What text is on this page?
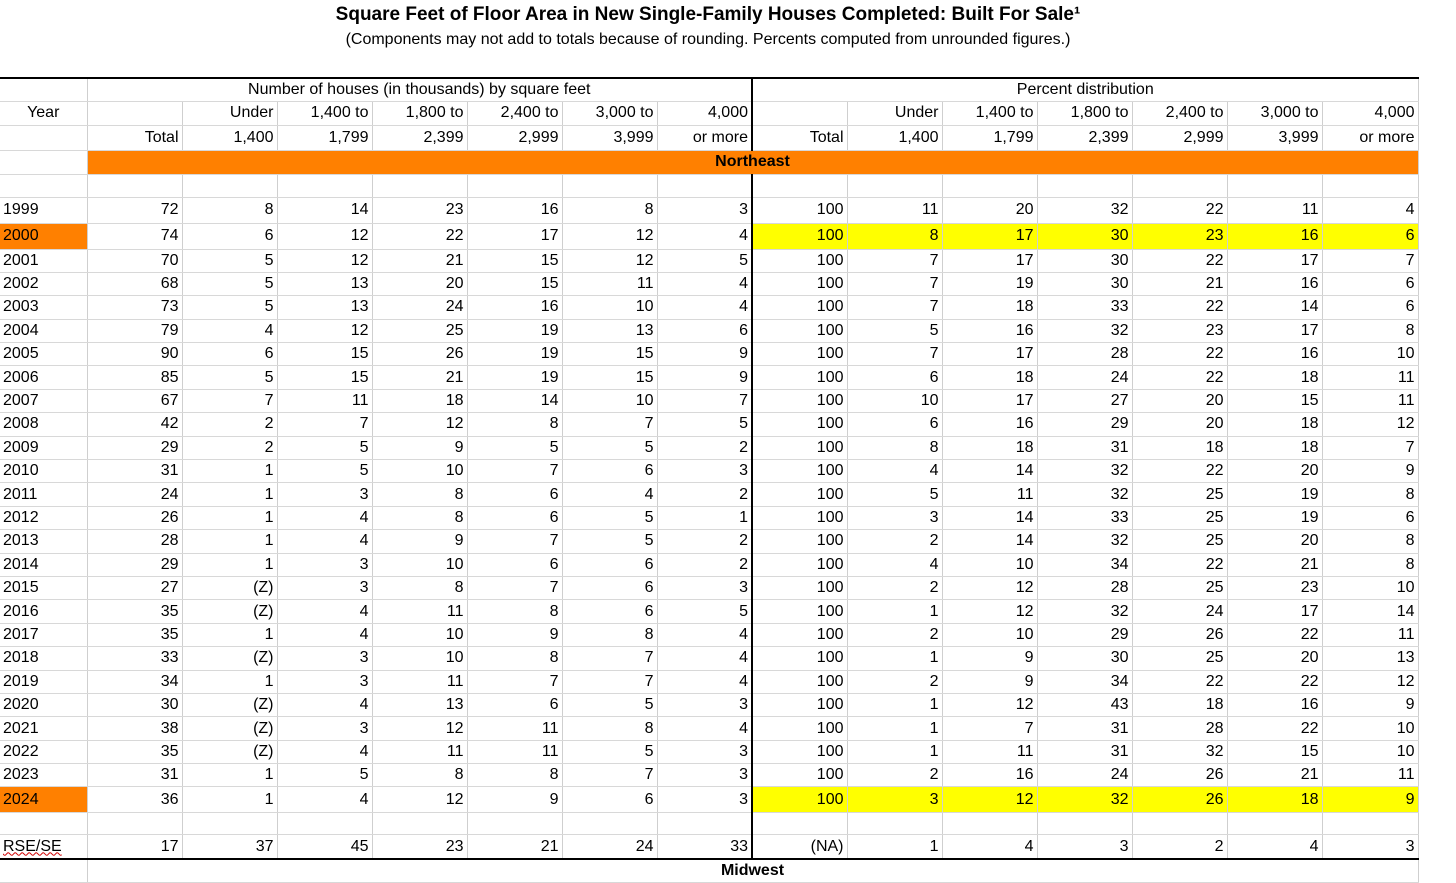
Square Feet of Floor Area in New Single-Family Houses Completed: Built For Sale¹
(Components may not add to totals because of rounding. Percents computed from unrounded figures.)
	Number of houses (in thousands) by square feet							Percent distribution						
Year		Under	1,400 to	1,800 to	2,400 to	3,000 to	4,000		Under	1,400 to	1,800 to	2,400 to	3,000 to	4,000
	Total	1,400	1,799	2,399	2,999	3,999	or more	Total	1,400	1,799	2,399	2,999	3,999	or more
	Northeast													

1999	72	8	14	23	16	8	3	100	11	20	32	22	11	4
2000	74	6	12	22	17	12	4	100	8	17	30	23	16	6
2001	70	5	12	21	15	12	5	100	7	17	30	22	17	7
2002	68	5	13	20	15	11	4	100	7	19	30	21	16	6
2003	73	5	13	24	16	10	4	100	7	18	33	22	14	6
2004	79	4	12	25	19	13	6	100	5	16	32	23	17	8
2005	90	6	15	26	19	15	9	100	7	17	28	22	16	10
2006	85	5	15	21	19	15	9	100	6	18	24	22	18	11
2007	67	7	11	18	14	10	7	100	10	17	27	20	15	11
2008	42	2	7	12	8	7	5	100	6	16	29	20	18	12
2009	29	2	5	9	5	5	2	100	8	18	31	18	18	7
2010	31	1	5	10	7	6	3	100	4	14	32	22	20	9
2011	24	1	3	8	6	4	2	100	5	11	32	25	19	8
2012	26	1	4	8	6	5	1	100	3	14	33	25	19	6
2013	28	1	4	9	7	5	2	100	2	14	32	25	20	8
2014	29	1	3	10	6	6	2	100	4	10	34	22	21	8
2015	27	(Z)	3	8	7	6	3	100	2	12	28	25	23	10
2016	35	(Z)	4	11	8	6	5	100	1	12	32	24	17	14
2017	35	1	4	10	9	8	4	100	2	10	29	26	22	11
2018	33	(Z)	3	10	8	7	4	100	1	9	30	25	20	13
2019	34	1	3	11	7	7	4	100	2	9	34	22	22	12
2020	30	(Z)	4	13	6	5	3	100	1	12	43	18	16	9
2021	38	(Z)	3	12	11	8	4	100	1	7	31	28	22	10
2022	35	(Z)	4	11	11	5	3	100	1	11	31	32	15	10
2023	31	1	5	8	8	7	3	100	2	16	24	26	21	11
2024	36	1	4	12	9	6	3	100	3	12	32	26	18	9

RSE/SE	17	37	45	23	21	24	33	(NA)	1	4	3	2	4	3
	Midwest													
